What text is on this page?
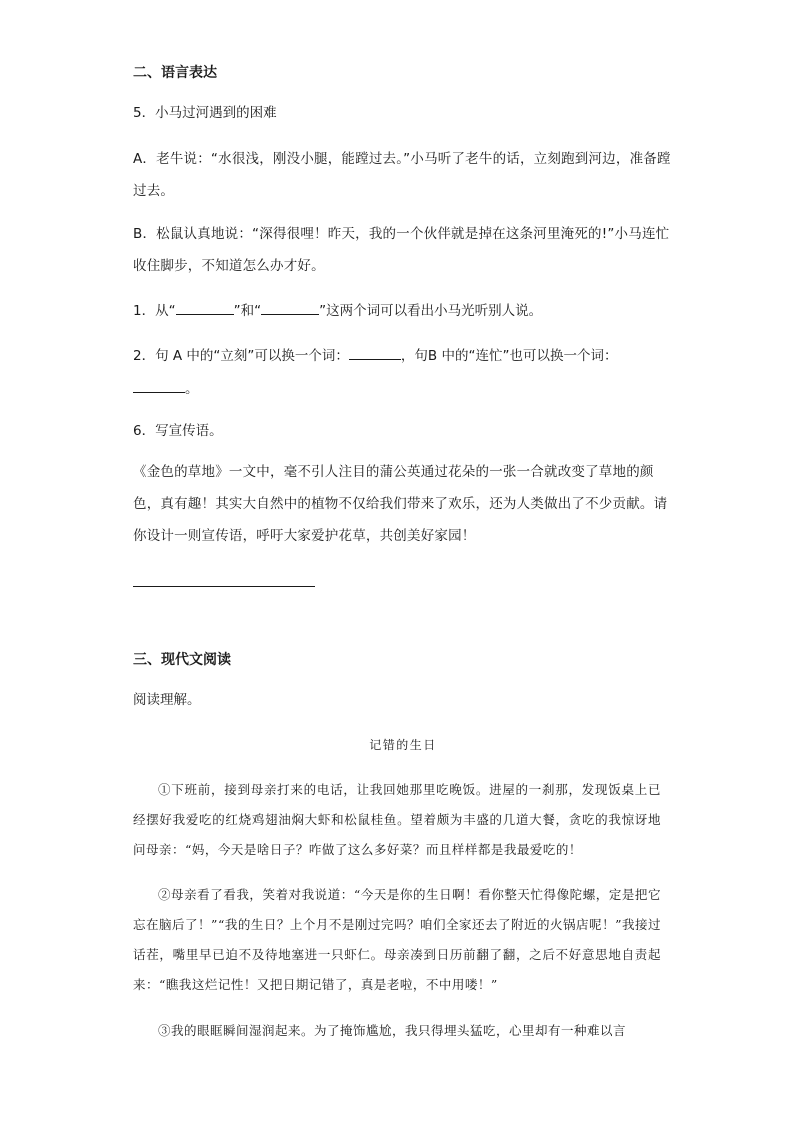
二、语言表达

5．小马过河遇到的困难

A．老牛说：“水很浅，刚没小腿，能蹚过去。”小马听了老牛的话，立刻跑到河边，准备蹚过去。

B．松鼠认真地说：“深得很哩！昨天，我的一个伙伴就是掉在这条河里淹死的!”小马连忙收住脚步，不知道怎么办才好。

1．从“	”和“	”这两个词可以看出小马光听别人说。

2．句 A 中的“立刻”可以换一个词：	，句B 中的“连忙”也可以换一个词：

。

6．写宣传语。

《金色的草地》一文中，毫不引人注目的蒲公英通过花朵的一张一合就改变了草地的颜色，真有趣！其实大自然中的植物不仅给我们带来了欢乐，还为人类做出了不少贡献。请你设计一则宣传语，呼吁大家爱护花草，共创美好家园！

三、现代文阅读

阅读理解。

记错的生日

①下班前，接到母亲打来的电话，让我回她那里吃晚饭。进屋的一刹那，发现饭桌上已经摆好我爱吃的红烧鸡翅油焖大虾和松鼠桂鱼。望着颇为丰盛的几道大餐，贪吃的我惊讶地问母亲：“妈，今天是啥日子？咋做了这么多好菜？而且样样都是我最爱吃的！

②母亲看了看我，笑着对我说道：“今天是你的生日啊！看你整天忙得像陀螺，定是把它忘在脑后了！”“我的生日？上个月不是刚过完吗？咱们全家还去了附近的火锅店呢！”我接过话茬，嘴里早已迫不及待地塞进一只虾仁。母亲凑到日历前翻了翻，之后不好意思地自责起来：“瞧我这烂记性！又把日期记错了，真是老啦，不中用喽！”

③我的眼眶瞬间湿润起来。为了掩饰尴尬，我只得埋头猛吃，心里却有一种难以言
